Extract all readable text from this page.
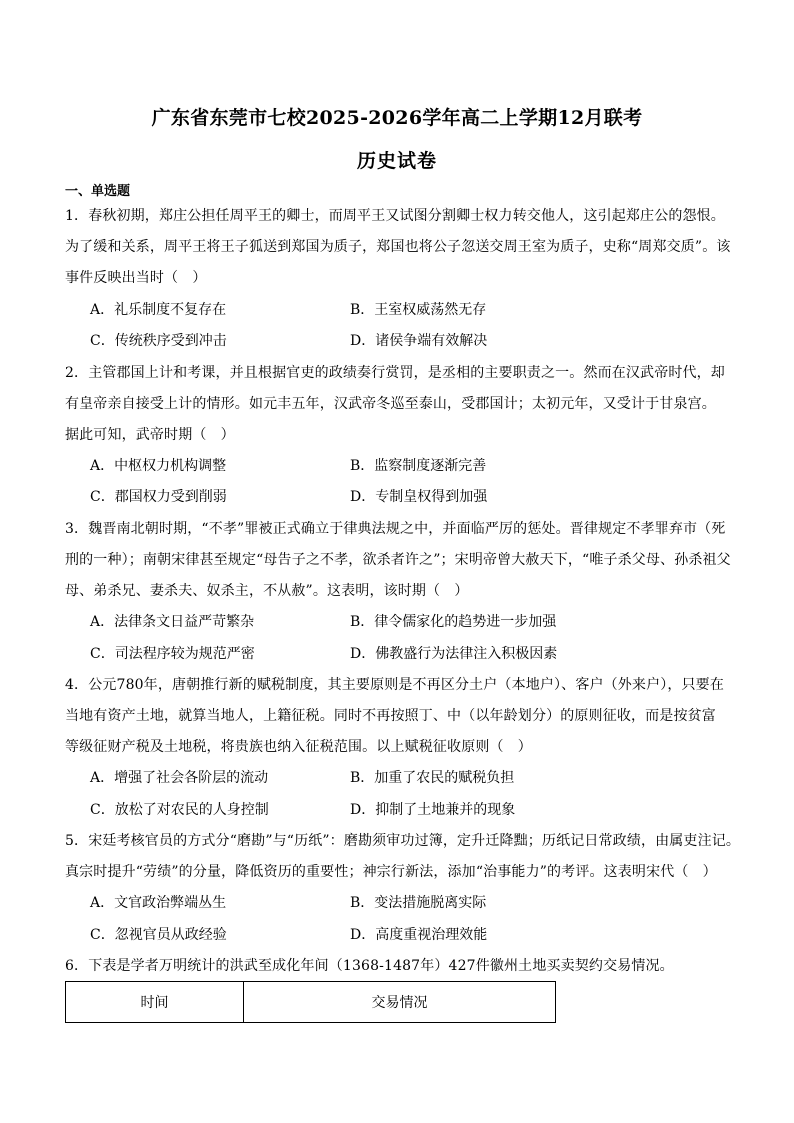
广东省东莞市七校2025-2026学年高二上学期12月联考
历史试卷
一、单选题
1．春秋初期，郑庄公担任周平王的卿士，而周平王又试图分割卿士权力转交他人，这引起郑庄公的怨恨。
为了缓和关系，周平王将王子狐送到郑国为质子，郑国也将公子忽送交周王室为质子，史称“周郑交质”。该
事件反映出当时（　）
A．礼乐制度不复存在	B．王室权威荡然无存
C．传统秩序受到冲击	D．诸侯争端有效解决
2．主管郡国上计和考课，并且根据官吏的政绩奏行赏罚，是丞相的主要职责之一。然而在汉武帝时代，却
有皇帝亲自接受上计的情形。如元丰五年，汉武帝冬巡至泰山，受郡国计；太初元年，又受计于甘泉宫。
据此可知，武帝时期（　）
A．中枢权力机构调整	B．监察制度逐渐完善
C．郡国权力受到削弱	D．专制皇权得到加强
3．魏晋南北朝时期，“不孝”罪被正式确立于律典法规之中，并面临严厉的惩处。晋律规定不孝罪弃市（死
刑的一种）；南朝宋律甚至规定“母告子之不孝，欲杀者许之”；宋明帝曾大赦天下，“唯子杀父母、孙杀祖父
母、弟杀兄、妻杀夫、奴杀主，不从赦”。这表明，该时期（　）
A．法律条文日益严苛繁杂	B．律令儒家化的趋势进一步加强
C．司法程序较为规范严密	D．佛教盛行为法律注入积极因素
4．公元780年，唐朝推行新的赋税制度，其主要原则是不再区分土户（本地户）、客户（外来户），只要在
当地有资产土地，就算当地人，上籍征税。同时不再按照丁、中（以年龄划分）的原则征收，而是按贫富
等级征财产税及土地税，将贵族也纳入征税范围。以上赋税征收原则（　）
A．增强了社会各阶层的流动	B．加重了农民的赋税负担
C．放松了对农民的人身控制	D．抑制了土地兼并的现象
5．宋廷考核官员的方式分“磨勘”与“历纸”：磨勘须审功过簿，定升迁降黜；历纸记日常政绩，由属吏注记。
真宗时提升“劳绩”的分量，降低资历的重要性；神宗行新法，添加“治事能力”的考评。这表明宋代（　）
A．文官政治弊端丛生	B．变法措施脱离实际
C．忽视官员从政经验	D．高度重视治理效能
6．下表是学者万明统计的洪武至成化年间（1368-1487年）427件徽州土地买卖契约交易情况。
时间	交易情况
